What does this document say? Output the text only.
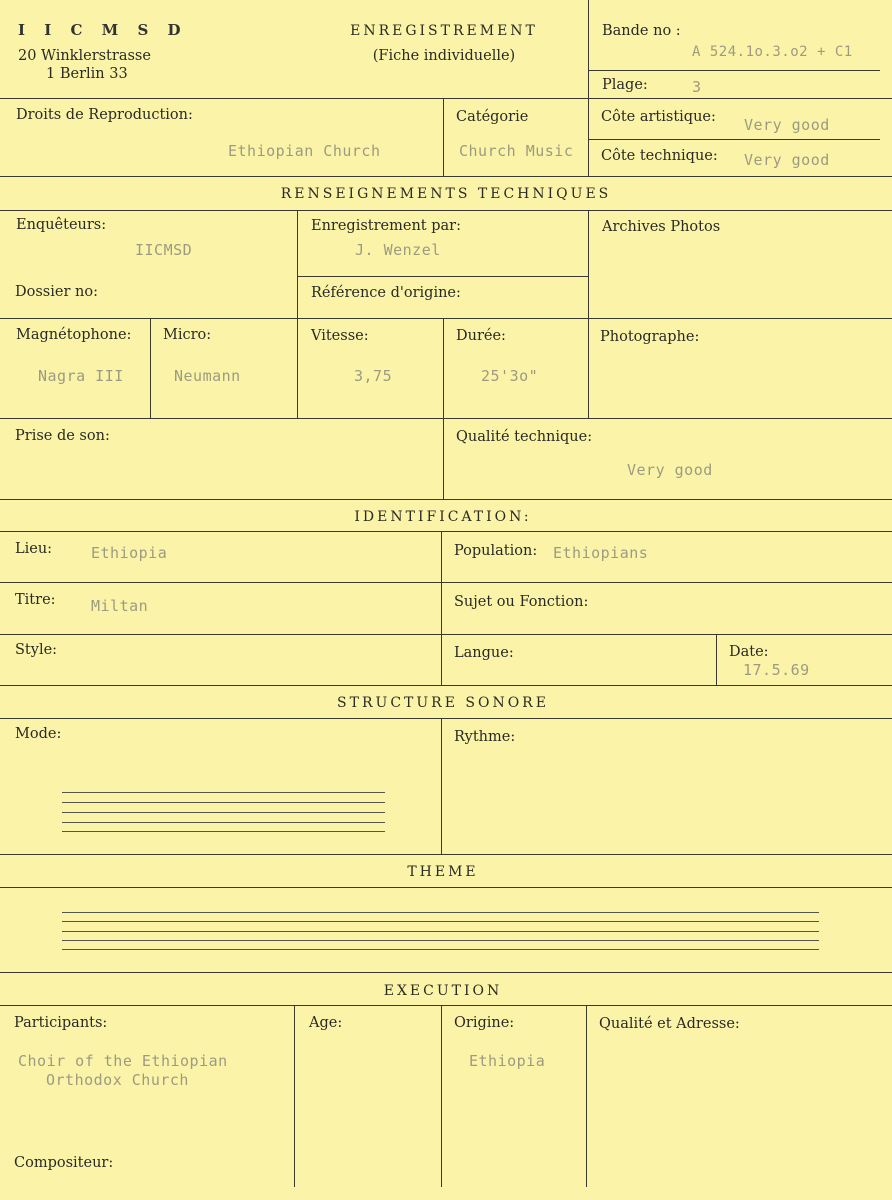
I I C M S D
20 Winklerstrasse
1 Berlin 33
ENREGISTREMENT
(Fiche individuelle)
Bande no :
A 524.1o.3.o2 + C1
Plage:	3
Droits de Reproduction:
Ethiopian Church
Catégorie
Church Music
Côte artistique: Very good
Côte technique: Very good
RENSEIGNEMENTS TECHNIQUES
Enquêteurs:
IICMSD
Enregistrement par:
J. Wenzel
Archives Photos
Dossier no:	Référence d'origine:
Magnétophone:
Nagra III
Micro:
Neumann
Vitesse:
3,75
Durée:
25'3o"
Photographe:
Prise de son:	Qualité technique:
Very good
IDENTIFICATION:
Lieu:	Ethiopia	Population: Ethiopians
Titre: Miltan	Sujet ou Fonction:
Style:	Langue:	Date:
17.5.69
STRUCTURE SONORE
Mode:	Rythme:
THEME
EXECUTION
Participants:
Choir of the Ethiopian
Orthodox Church
Age:	Origine:
Ethiopia
Qualité et Adresse:
Compositeur:
